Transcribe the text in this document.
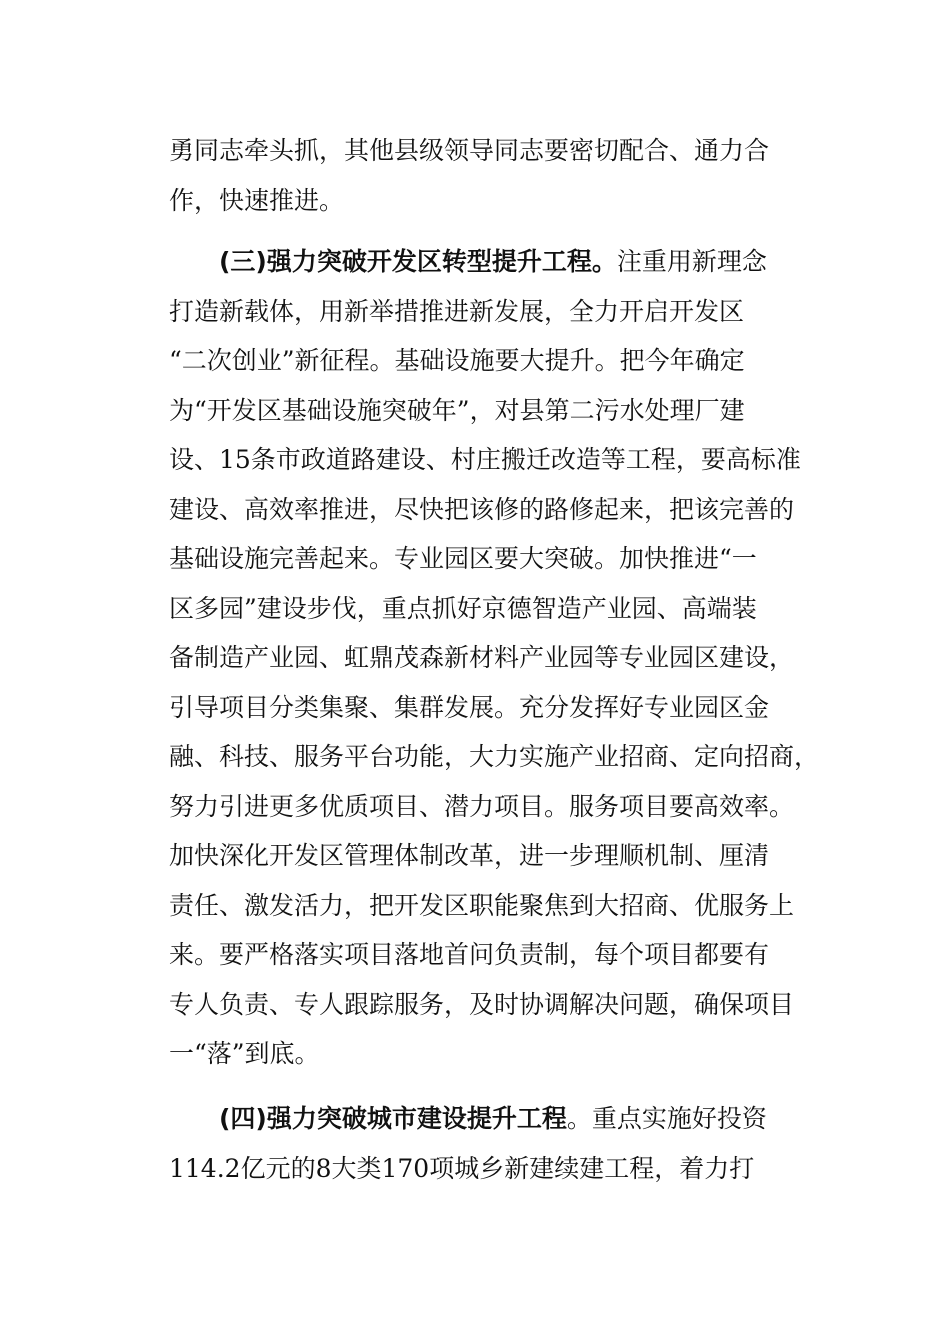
勇同志牵头抓，其他县级领导同志要密切配合、通力合
作，快速推进。
(三)强力突破开发区转型提升工程。注重用新理念
打造新载体，用新举措推进新发展，全力开启开发区
“二次创业”新征程。基础设施要大提升。把今年确定
为“开发区基础设施突破年”，对县第二污水处理厂建
设、15条市政道路建设、村庄搬迁改造等工程，要高标准
建设、高效率推进，尽快把该修的路修起来，把该完善的
基础设施完善起来。专业园区要大突破。加快推进“一
区多园”建设步伐，重点抓好京德智造产业园、高端装
备制造产业园、虹鼎茂森新材料产业园等专业园区建设，
引导项目分类集聚、集群发展。充分发挥好专业园区金
融、科技、服务平台功能，大力实施产业招商、定向招商，
努力引进更多优质项目、潜力项目。服务项目要高效率。
加快深化开发区管理体制改革，进一步理顺机制、厘清
责任、激发活力，把开发区职能聚焦到大招商、优服务上
来。要严格落实项目落地首问负责制，每个项目都要有
专人负责、专人跟踪服务，及时协调解决问题，确保项目
一“落”到底。
(四)强力突破城市建设提升工程。重点实施好投资
114.2亿元的8大类170项城乡新建续建工程，着力打
